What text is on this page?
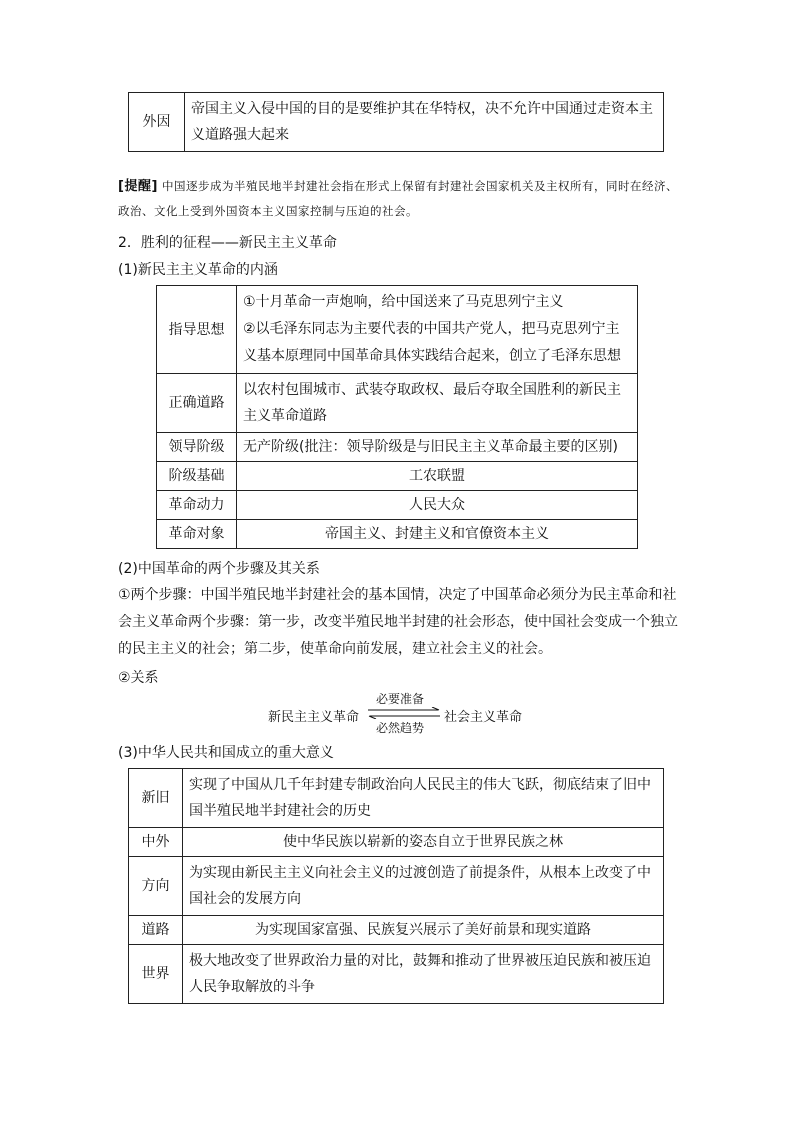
外因	帝国主义入侵中国的目的是要维护其在华特权，决不允许中国通过走资本主义道路强大起来
[提醒] 中国逐步成为半殖民地半封建社会指在形式上保留有封建社会国家机关及主权所有，同时在经济、政治、文化上受到外国资本主义国家控制与压迫的社会。
2．胜利的征程——新民主主义革命
(1)新民主主义革命的内涵
指导思想	①十月革命一声炮响，给中国送来了马克思列宁主义
②以毛泽东同志为主要代表的中国共产党人，把马克思列宁主义基本原理同中国革命具体实践结合起来，创立了毛泽东思想

正确道路	以农村包围城市、武装夺取政权、最后夺取全国胜利的新民主主义革命道路
领导阶级	无产阶级(批注：领导阶级是与旧民主主义革命最主要的区别)
阶级基础	工农联盟
革命动力	人民大众
革命对象	帝国主义、封建主义和官僚资本主义
(2)中国革命的两个步骤及其关系
①两个步骤：中国半殖民地半封建社会的基本国情，决定了中国革命必须分为民主革命和社会主义革命两个步骤：第一步，改变半殖民地半封建的社会形态，使中国社会变成一个独立的民主主义的社会；第二步，使革命向前发展，建立社会主义的社会。
②关系
新民主主义革命
必要准备
必然趋势
社会主义革命
(3)中华人民共和国成立的重大意义
新旧	实现了中国从几千年封建专制政治向人民民主的伟大飞跃，彻底结束了旧中国半殖民地半封建社会的历史
中外	使中华民族以崭新的姿态自立于世界民族之林
方向	为实现由新民主主义向社会主义的过渡创造了前提条件，从根本上改变了中国社会的发展方向
道路	为实现国家富强、民族复兴展示了美好前景和现实道路
世界	极大地改变了世界政治力量的对比，鼓舞和推动了世界被压迫民族和被压迫人民争取解放的斗争
